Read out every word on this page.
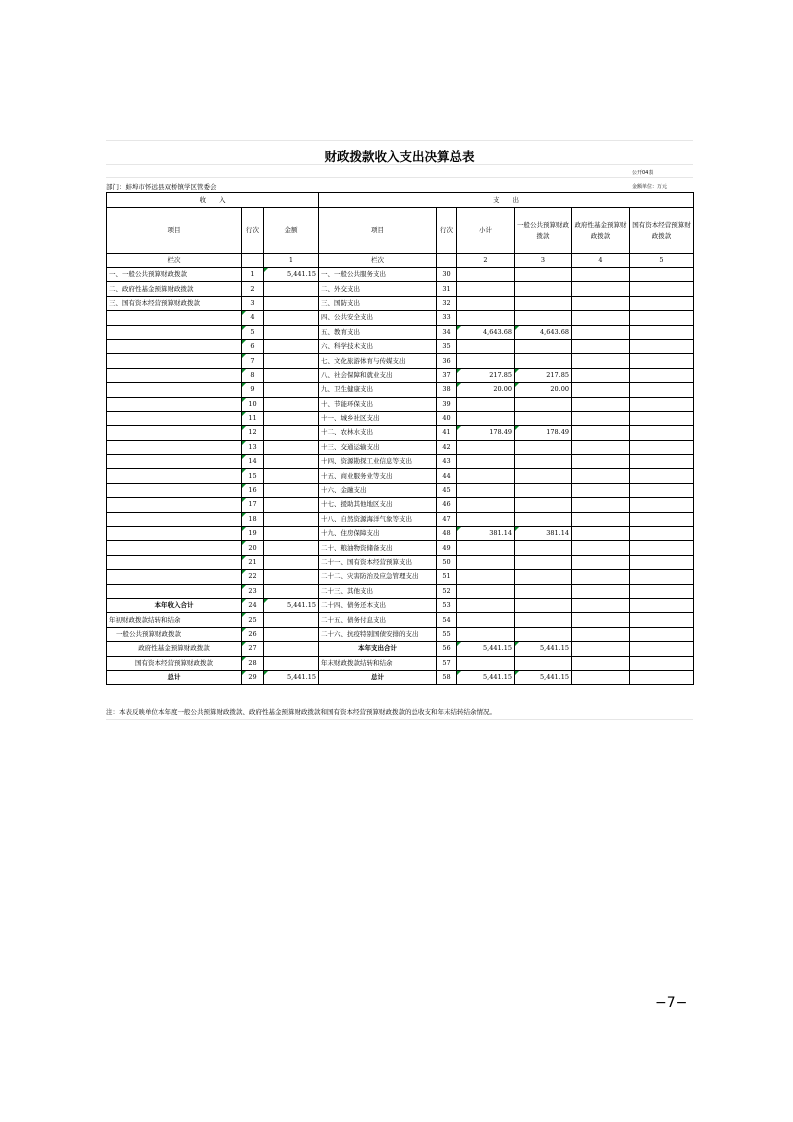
财政拨款收入支出决算总表
公开04表
部门：蚌埠市怀远县双桥镇学区管委会	金额单位：万元
收　　入			支　　出					
项目	行次	金额	项目	行次	小计	一般公共预算财政拨款	政府性基金预算财政拨款	国有资本经营预算财政拨款
栏次		1	栏次		2	3	4	5
一、一般公共预算财政拨款	1	5,441.15	一、一般公共服务支出	30				
二、政府性基金预算财政拨款	2		二、外交支出	31				
三、国有资本经营预算财政拨款	3		三、国防支出	32				
	4		四、公共安全支出	33				
	5		五、教育支出	34	4,643.68	4,643.68		
	6		六、科学技术支出	35				
	7		七、文化旅游体育与传媒支出	36				
	8		八、社会保障和就业支出	37	217.85	217.85		
	9		九、卫生健康支出	38	20.00	20.00		
	10		十、节能环保支出	39				
	11		十一、城乡社区支出	40				
	12		十二、农林水支出	41	178.49	178.49		
	13		十三、交通运输支出	42				
	14		十四、资源勘探工业信息等支出	43				
	15		十五、商业服务业等支出	44				
	16		十六、金融支出	45				
	17		十七、援助其他地区支出	46				
	18		十八、自然资源海洋气象等支出	47				
	19		十九、住房保障支出	48	381.14	381.14		
	20		二十、粮油物资储备支出	49				
	21		二十一、国有资本经营预算支出	50				
	22		二十二、灾害防治及应急管理支出	51				
	23		二十三、其他支出	52				
本年收入合计	24	5,441.15	二十四、债务还本支出	53				
年初财政拨款结转和结余	25		二十五、债务付息支出	54				
一般公共预算财政拨款	26		二十六、抗疫特别国债安排的支出	55				
政府性基金预算财政拨款	27		本年支出合计	56	5,441.15	5,441.15		
国有资本经营预算财政拨款	28		年末财政拨款结转和结余	57				
总计	29	5,441.15	总计	58	5,441.15	5,441.15		
注：本表反映单位本年度一般公共预算财政拨款、政府性基金预算财政拨款和国有资本经营预算财政拨款的总收支和年末结转结余情况。
−7−
